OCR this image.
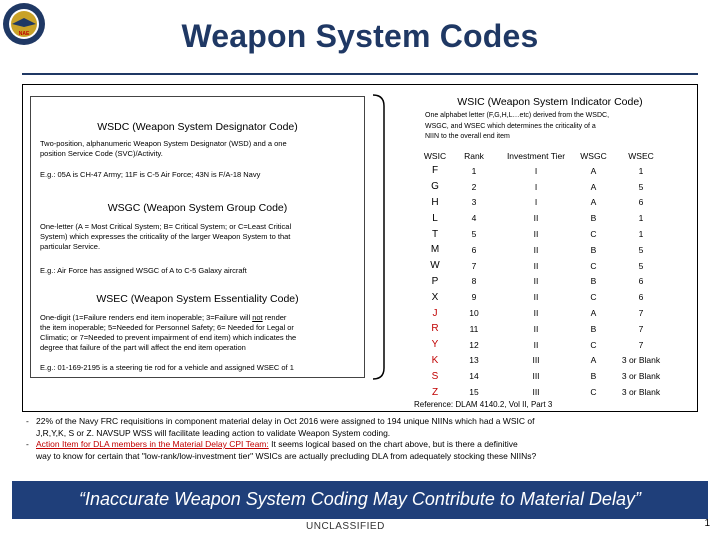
NAE	Weapon System Codes
WSDC (Weapon System Designator Code)
Two-position, alphanumeric Weapon System Designator (WSD) and a one
position Service Code (SVC)/Activity.
E.g.: 05A is CH-47 Army; 11F is C-5 Air Force; 43N is F/A-18 Navy
WSGC (Weapon System Group Code)
One-letter (A = Most Critical System; B= Critical System; or C=Least Critical
System) which expresses the criticality of the larger Weapon System to that
particular Service.
E.g.: Air Force has assigned WSGC of A to C-5 Galaxy aircraft
WSEC (Weapon System Essentiality Code)
One-digit (1=Failure renders end item inoperable; 3=Failure will not render
the item inoperable; 5=Needed for Personnel Safety; 6= Needed for Legal or
Climatic; or 7=Needed to prevent impairment of end item) which indicates the
degree that failure of the part will affect the end item operation
E.g.: 01-169-2195 is a steering tie rod for a vehicle and assigned WSEC of 1
WSIC (Weapon System Indicator Code)
One alphabet letter (F,G,H,L…etc) derived from the WSDC,
WSGC, and WSEC which determines the criticality of a
NIIN to the overall end item
WSIC	Rank	Investment Tier	WSGC	WSEC
F	1	I	A	1
G	2	I	A	5
H	3	I	A	6
L	4	II	B	1
T	5	II	C	1
M	6	II	B	5
W	7	II	C	5
P	8	II	B	6
X	9	II	C	6
J	10	II	A	7
R	11	II	B	7
Y	12	II	C	7
K	13	III	A	3 or Blank
S	14	III	B	3 or Blank
Z	15	III	C	3 or Blank
Reference: DLAM 4140.2, Vol II, Part 3
- 22% of the Navy FRC requisitions in component material delay in Oct 2016 were assigned to 194 unique NIINs which had a WSIC of
J,R,Y,K, S or Z. NAVSUP WSS will facilitate leading action to validate Weapon System coding.
- Action Item for DLA members in the Material Delay CPI Team: It seems logical based on the chart above, but is there a definitive
way to know for certain that "low-rank/low-investment tier" WSICs are actually precluding DLA from adequately stocking these NIINs?
“Inaccurate Weapon System Coding May Contribute to Material Delay”
UNCLASSIFIED	1
